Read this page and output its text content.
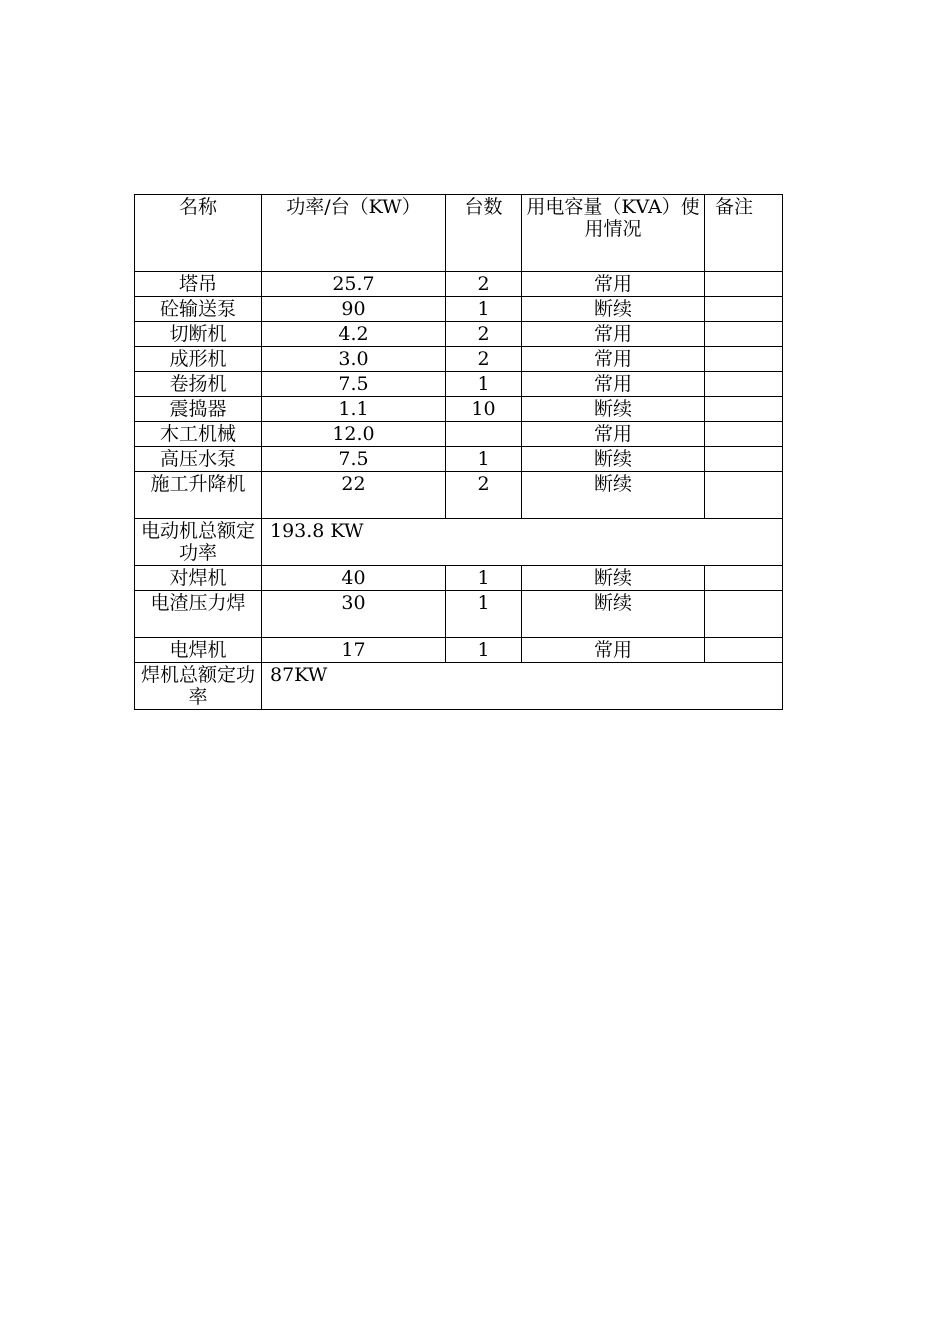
名称	功率/台（KW）	台数	用电容量（KVA）使用情况	备注
塔吊	25.7	2	常用	
砼输送泵	90	1	断续	
切断机	4.2	2	常用	
成形机	3.0	2	常用	
卷扬机	7.5	1	常用	
震捣器	1.1	10	断续	
木工机械	12.0		常用	
高压水泵	7.5	1	断续	
施工升降机	22	2	断续	
电动机总额定功率	193.8 KW			
对焊机	40	1	断续	
电渣压力焊	30	1	断续	
电焊机	17	1	常用	
焊机总额定功率	87KW			
